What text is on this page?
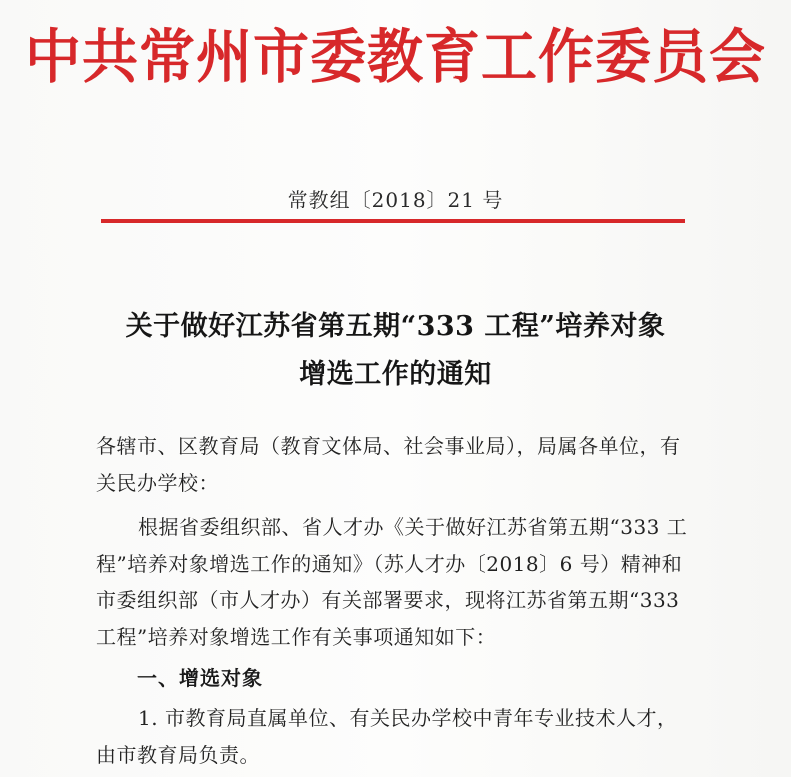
中共常州市委教育工作委员会
常教组〔2018〕21 号
关于做好江苏省第五期“333 工程”培养对象
增选工作的通知
各辖市、区教育局（教育文体局、社会事业局），局属各单位，有关民办学校：
根据省委组织部、省人才办《关于做好江苏省第五期“333 工程”培养对象增选工作的通知》（苏人才办〔2018〕6 号）精神和市委组织部（市人才办）有关部署要求，现将江苏省第五期“333 工程”培养对象增选工作有关事项通知如下：
一、增选对象
1. 市教育局直属单位、有关民办学校中青年专业技术人才，由市教育局负责。
